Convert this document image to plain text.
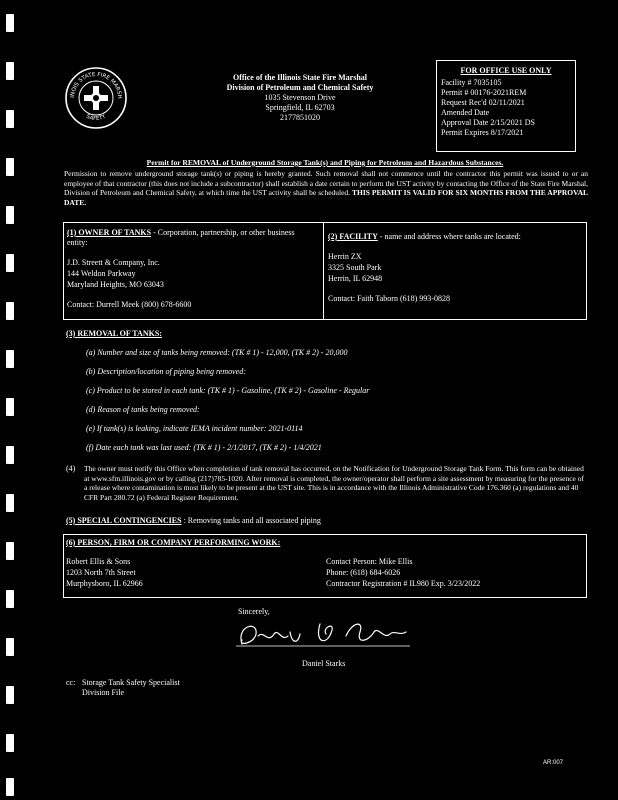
INOIS STATE FIRE MARSH
SAFETY
Office of the Illinois State Fire Marshal
Division of Petroleum and Chemical Safety
1035 Stevenson Drive
Springfield, IL 62703
2177851020
FOR OFFICE USE ONLY
Facility # 7035105
Permit # 00176-2021REM
Request Rec'd 02/11/2021
Amended Date
Approval Date 2/15/2021 DS
Permit Expires 8/17/2021
Permit for REMOVAL of Underground Storage Tank(s) and Piping for Petroleum and Hazardous Substances.
Permission to remove underground storage tank(s) or piping is hereby granted. Such removal shall not commence until the contractor this permit was issued to or an employee of that contractor (this does not include a subcontractor) shall establish a date certain to perform the UST activity by contacting the Office of the State Fire Marshal, Division of Petroleum and Chemical Safety, at which time the UST activity shall be scheduled. THIS PERMIT IS VALID FOR SIX MONTHS FROM THE APPROVAL DATE.
(1) OWNER OF TANKS - Corporation, partnership, or other business entity:
J.D. Streett & Company, Inc.
144 Weldon Parkway
Maryland Heights, MO 63043
Contact: Durrell Meek (800) 678-6600
(2) FACILITY - name and address where tanks are located:
Herrin ZX
3325 South Park
Herrin, IL 62948
Contact: Faith Taborn (618) 993-0828
(3) REMOVAL OF TANKS:
(a) Number and size of tanks being removed: (TK # 1) - 12,000, (TK # 2) - 20,000
(b) Description/location of piping being removed:
(c) Product to be stored in each tank: (TK # 1) - Gasoline, (TK # 2) - Gasoline - Regular
(d) Reason of tanks being removed:
(e) If tank(s) is leaking, indicate IEMA incident number: 2021-0114
(f) Date each tank was last used: (TK # 1) - 2/1/2017, (TK # 2) - 1/4/2021
(4) The owner must notify this Office when completion of tank removal has occurred, on the Notification for Underground Storage Tank Form. This form can be obtained at www.sfm.illinois.gov or by calling (217)785-1020. After removal is completed, the owner/operator shall perform a site assessment by measuring for the presence of a release where contamination is most likely to be present at the UST site. This is in accordance with the Illinois Administrative Code 176.360 (a) regulations and 40 CFR Part 280.72 (a) Federal Register Requirement.
(5) SPECIAL CONTINGENCIES : Removing tanks and all associated piping
(6) PERSON, FIRM OR COMPANY PERFORMING WORK:
Robert Ellis & Sons
1203 North 7th Street
Murphysboro, IL 62966
Contact Person: Mike Ellis
Phone: (618) 684-6026
Contractor Registration # IL980 Exp. 3/23/2022
Sincerely,
Daniel Starks
cc: Storage Tank Safety Specialist
Division File
AR:007
